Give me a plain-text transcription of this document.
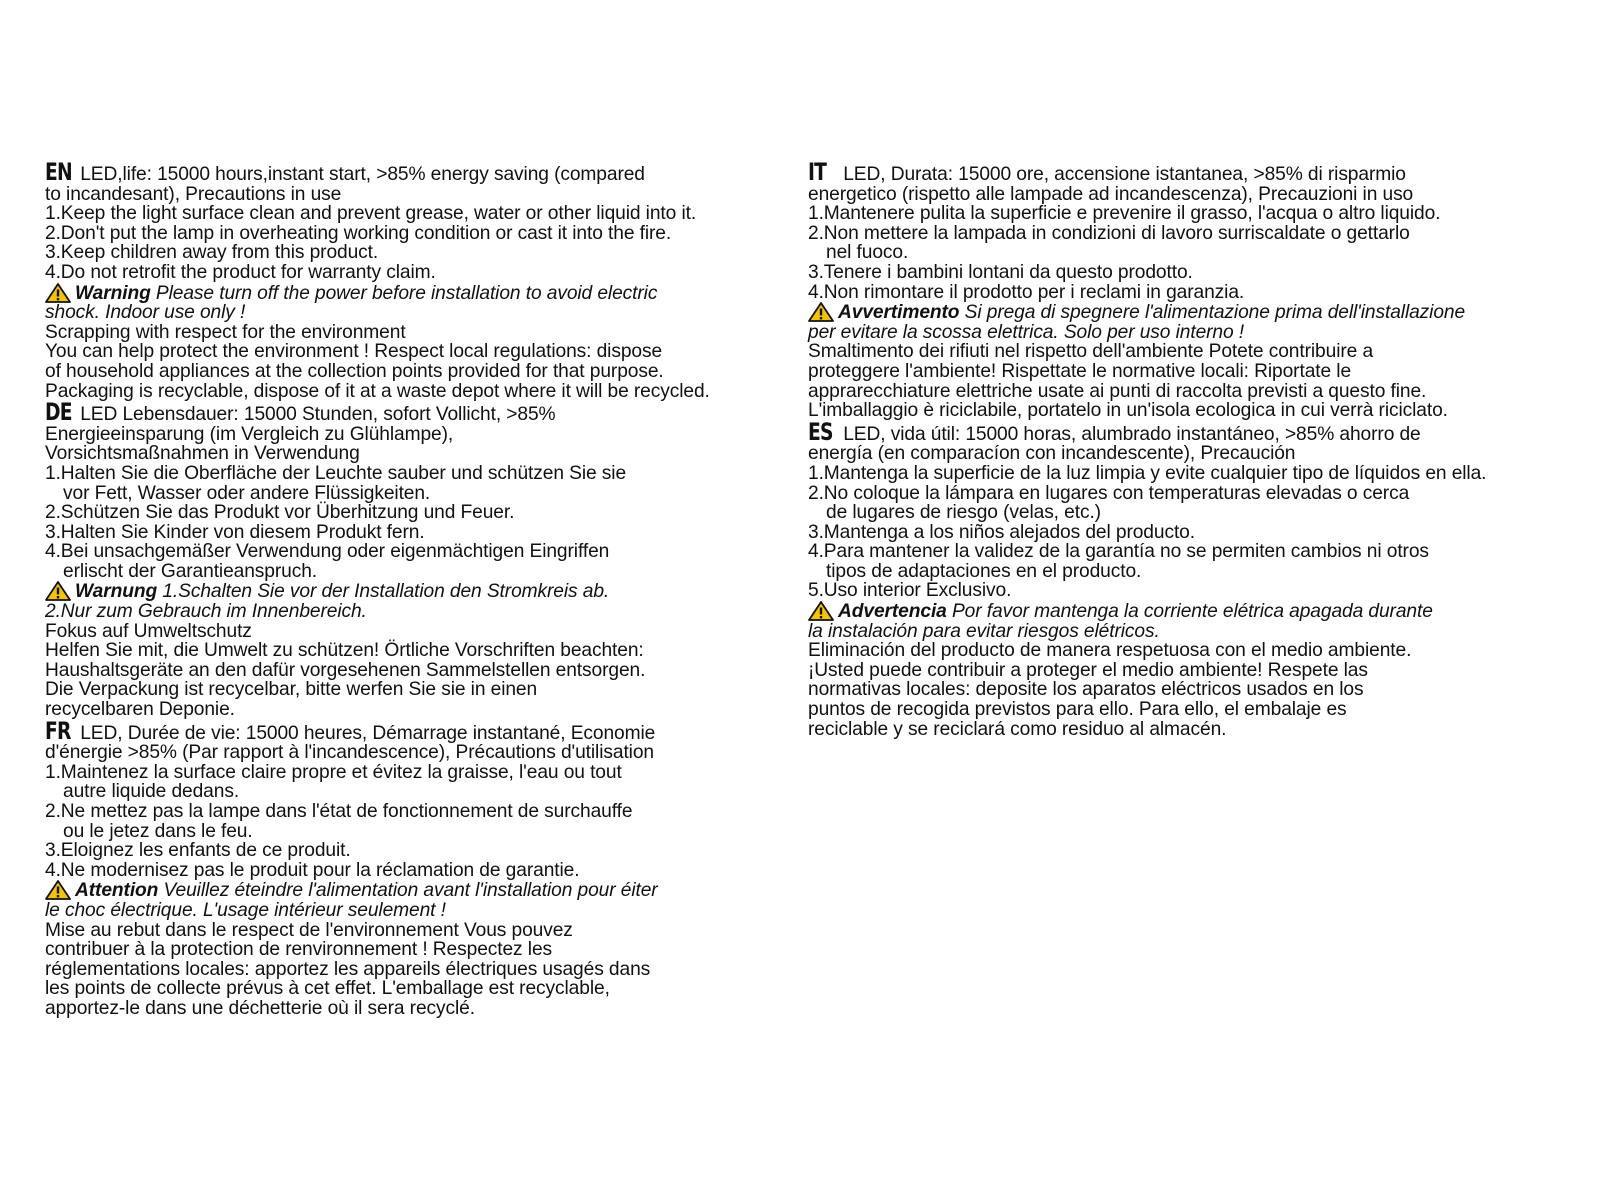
EN LED,life: 15000 hours,instant start, >85% energy saving (compared
to incandesant), Precautions in use
1.Keep the light surface clean and prevent grease, water or other liquid into it.
2.Don't put the lamp in overheating working condition or cast it into the fire.
3.Keep children away from this product.
4.Do not retrofit the product for warranty claim.
Warning Please turn off the power before installation to avoid electric
shock. Indoor use only !
Scrapping with respect for the environment
You can help protect the environment ! Respect local regulations: dispose
of household appliances at the collection points provided for that purpose.
Packaging is recyclable, dispose of it at a waste depot where it will be recycled.
DE LED Lebensdauer: 15000 Stunden, sofort Vollicht, >85%
Energieeinsparung (im Vergleich zu Glühlampe),
Vorsichtsmaßnahmen in Verwendung
1.Halten Sie die Oberfläche der Leuchte sauber und schützen Sie sie
vor Fett, Wasser oder andere Flüssigkeiten.
2.Schützen Sie das Produkt vor Überhitzung und Feuer.
3.Halten Sie Kinder von diesem Produkt fern.
4.Bei unsachgemäßer Verwendung oder eigenmächtigen Eingriffen
erlischt der Garantieanspruch.
Warnung 1.Schalten Sie vor der Installation den Stromkreis ab.
2.Nur zum Gebrauch im Innenbereich.
Fokus auf Umweltschutz
Helfen Sie mit, die Umwelt zu schützen! Örtliche Vorschriften beachten:
Haushaltsgeräte an den dafür vorgesehenen Sammelstellen entsorgen.
Die Verpackung ist recycelbar, bitte werfen Sie sie in einen
recycelbaren Deponie.
FR LED, Durée de vie: 15000 heures, Démarrage instantané, Economie
d'énergie >85% (Par rapport à l'incandescence), Précautions d'utilisation
1.Maintenez la surface claire propre et évitez la graisse, l'eau ou tout
autre liquide dedans.
2.Ne mettez pas la lampe dans l'état de fonctionnement de surchauffe
ou le jetez dans le feu.
3.Eloignez les enfants de ce produit.
4.Ne modernisez pas le produit pour la réclamation de garantie.
Attention Veuillez éteindre l'alimentation avant l'installation pour éiter
le choc électrique. L'usage intérieur seulement !
Mise au rebut dans le respect de l'environnement Vous pouvez
contribuer à la protection de renvironnement ! Respectez les
réglementations locales: apportez les appareils électriques usagés dans
les points de collecte prévus à cet effet. L'emballage est recyclable,
apportez-le dans une déchetterie où il sera recyclé.
IT LED, Durata: 15000 ore, accensione istantanea, >85% di risparmio
energetico (rispetto alle lampade ad incandescenza), Precauzioni in uso
1.Mantenere pulita la superficie e prevenire il grasso, l'acqua o altro liquido.
2.Non mettere la lampada in condizioni di lavoro surriscaldate o gettarlo
nel fuoco.
3.Tenere i bambini lontani da questo prodotto.
4.Non rimontare il prodotto per i reclami in garanzia.
Avvertimento Si prega di spegnere l'alimentazione prima dell'installazione
per evitare la scossa elettrica. Solo per uso interno !
Smaltimento dei rifiuti nel rispetto dell'ambiente Potete contribuire a
proteggere l'ambiente! Rispettate le normative locali: Riportate le
apprarecchiature elettriche usate ai punti di raccolta previsti a questo fine.
L'imballaggio è riciclabile, portatelo in un'isola ecologica in cui verrà riciclato.
ES LED, vida útil: 15000 horas, alumbrado instantáneo, >85% ahorro de
energía (en comparacíon con incandescente), Precaución
1.Mantenga la superficie de la luz limpia y evite cualquier tipo de líquidos en ella.
2.No coloque la lámpara en lugares con temperaturas elevadas o cerca
de lugares de riesgo (velas, etc.)
3.Mantenga a los niños alejados del producto.
4.Para mantener la validez de la garantía no se permiten cambios ni otros
tipos de adaptaciones en el producto.
5.Uso interior Exclusivo.
Advertencia Por favor mantenga la corriente elétrica apagada durante
la instalación para evitar riesgos elétricos.
Eliminación del producto de manera respetuosa con el medio ambiente.
¡Usted puede contribuir a proteger el medio ambiente! Respete las
normativas locales: deposite los aparatos eléctricos usados en los
puntos de recogida previstos para ello. Para ello, el embalaje es
reciclable y se reciclará como residuo al almacén.
